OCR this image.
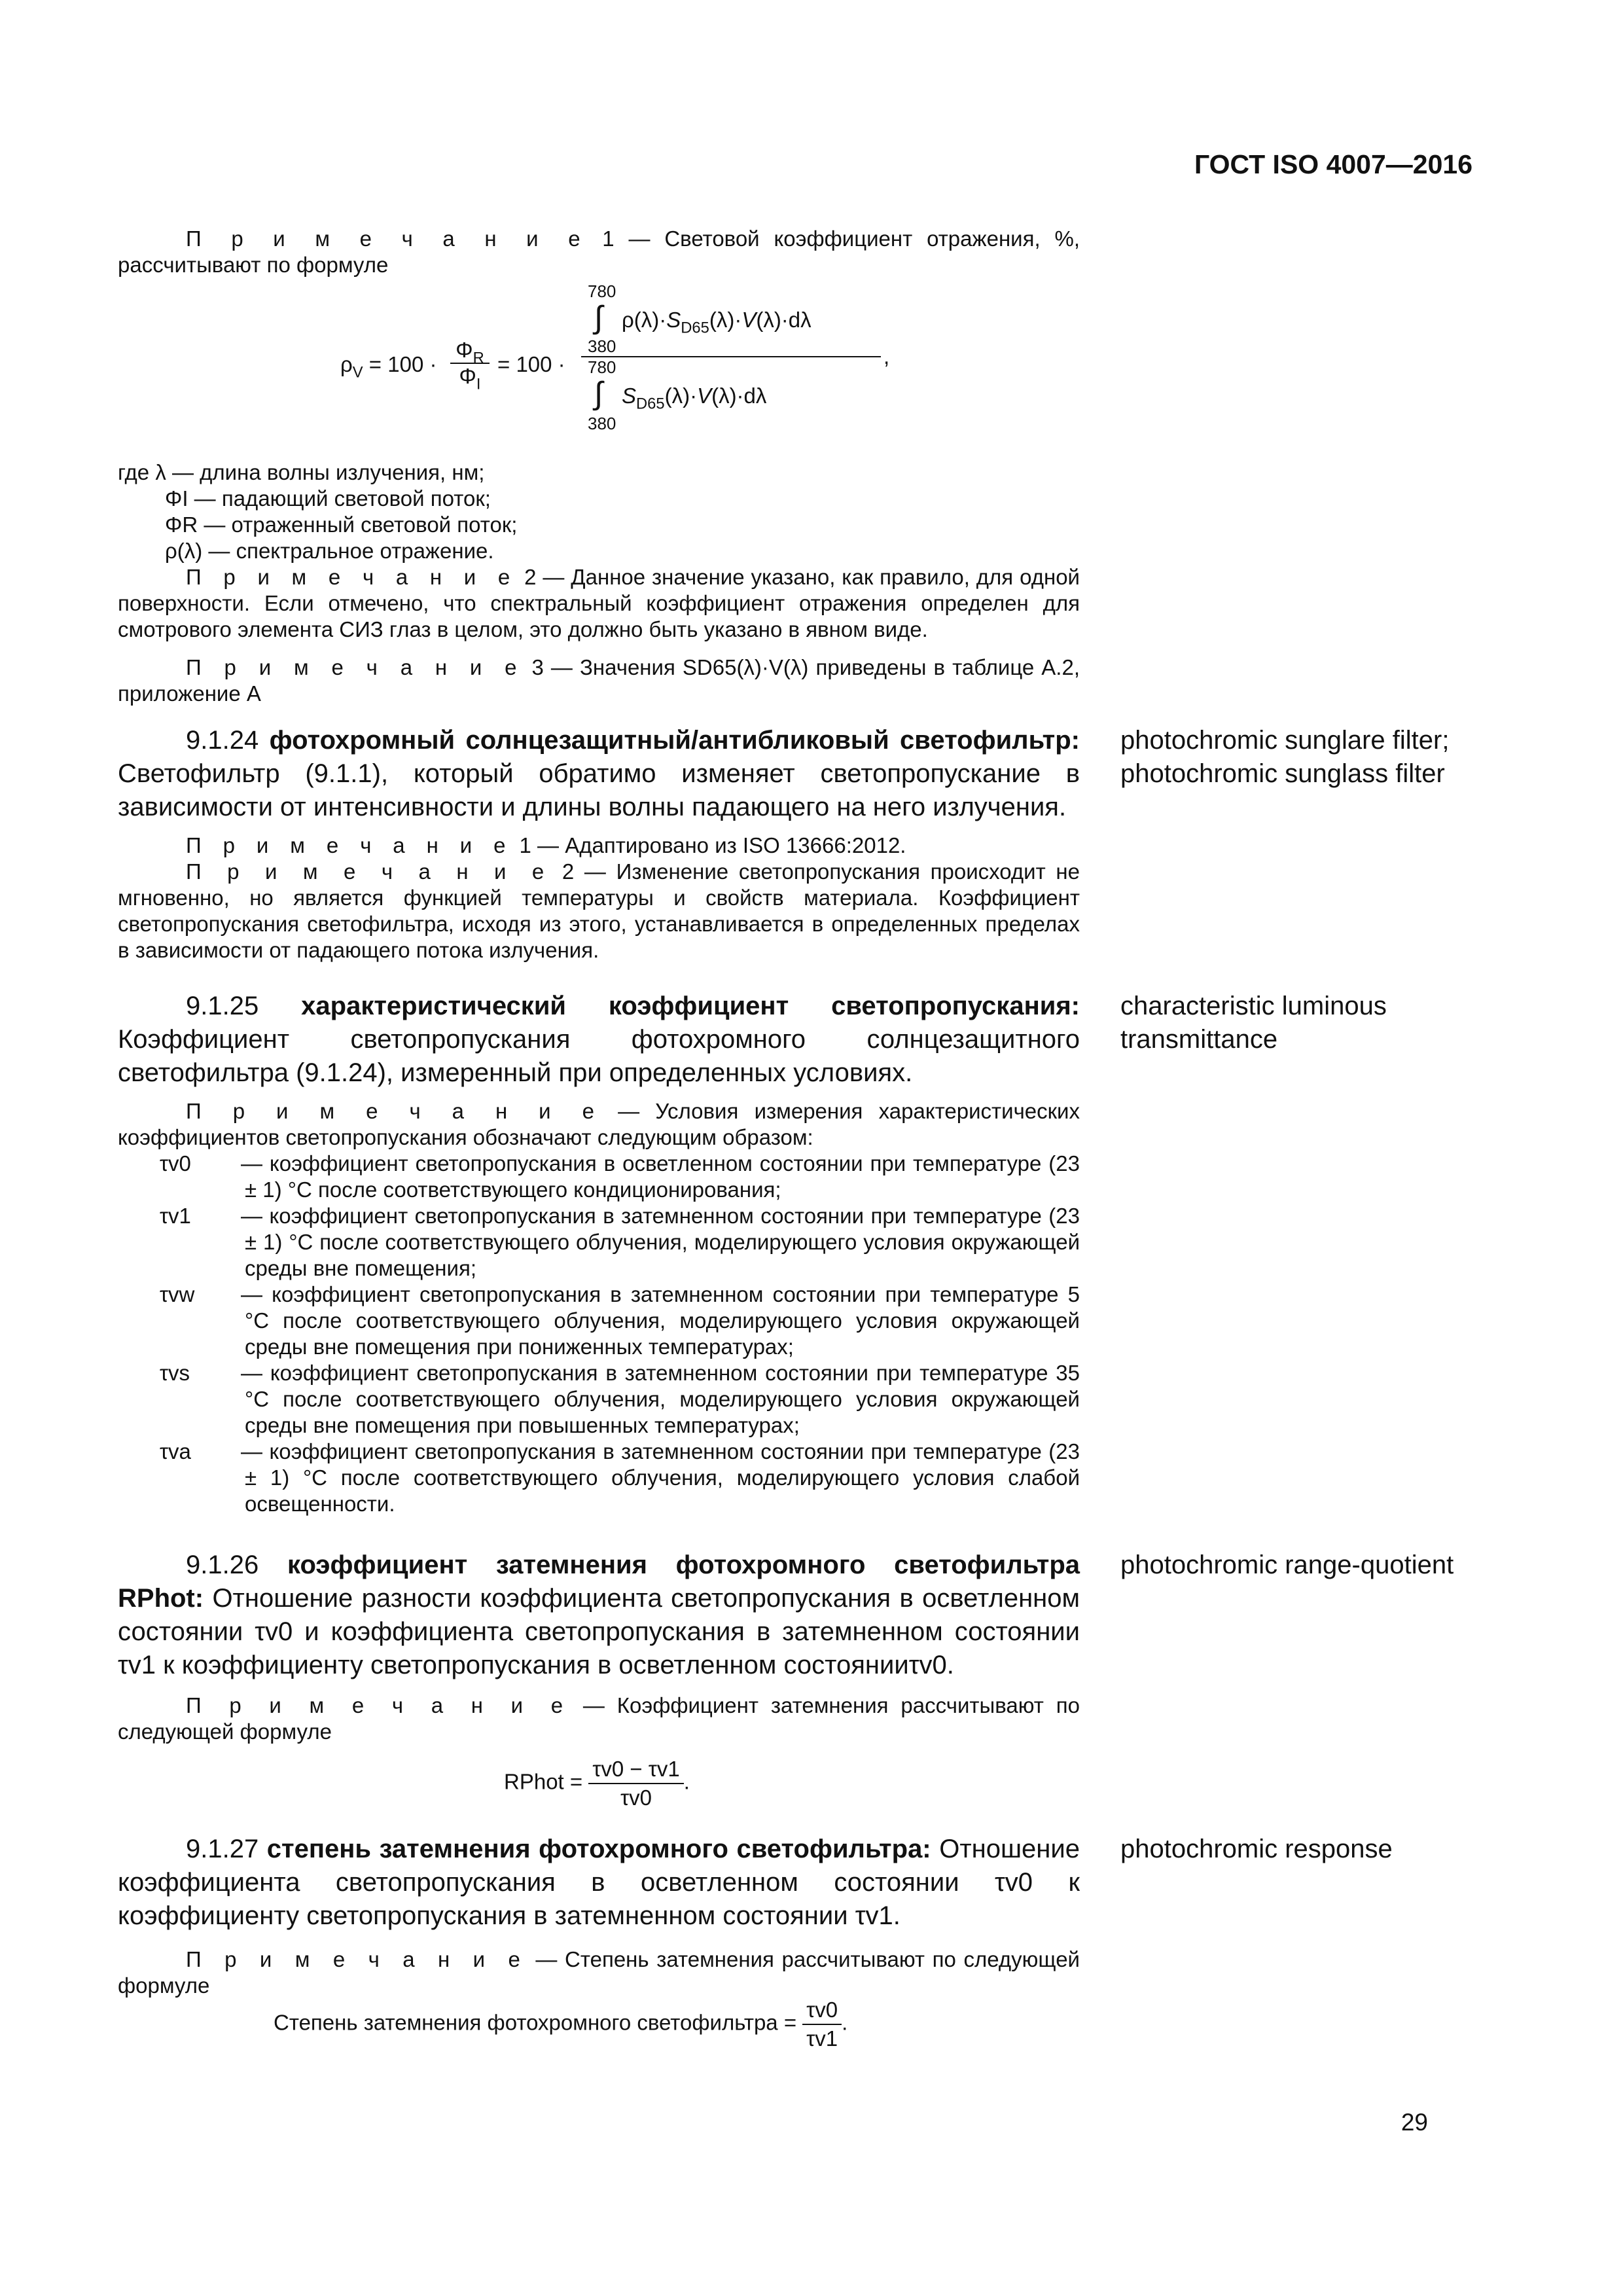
ГОСТ ISO 4007—2016
П р и м е ч а н и е 1 — Световой коэффициент отражения, %, рассчитывают по формуле
$\rho_V = 100$ ·
$\Phi_R$
$\Phi_I$
= 100 ·
780
∫ $\rho(\lambda)\cdot S_{D65}(\lambda)\cdot V(\lambda)\cdot d\lambda$
380
780
∫ $S_{D65}(\lambda)\cdot V(\lambda)\cdot d\lambda$
380
,
где λ — длина волны излучения, нм;
ΦI — падающий световой поток;
ΦR — отраженный световой поток;
ρ(λ) — спектральное отражение.
П р и м е ч а н и е 2 — Данное значение указано, как правило, для одной поверхности. Если отмечено, что спектральный коэффициент отражения определен для смотрового элемента СИЗ глаз в целом, это должно быть указано в явном виде.
П р и м е ч а н и е 3 — Значения SD65(λ)·V(λ) приведены в таблице А.2, приложение А
9.1.24 фотохромный солнцезащитный/антибликовый светофильтр: Светофильтр (9.1.1), который обратимо изменяет светопропускание в зависимости от интенсивности и длины волны падающего на него излучения.
photochromic sunglare filter;
photochromic sunglass filter
П р и м е ч а н и е 1 — Адаптировано из ISO 13666:2012.
П р и м е ч а н и е 2 — Изменение светопропускания происходит не мгновенно, но является функцией температуры и свойств материала. Коэффициент светопропускания светофильтра, исходя из этого, устанавливается в определенных пределах в зависимости от падающего потока излучения.
9.1.25 характеристический коэффициент светопропускания: Коэффициент светопропускания фотохромного солнцезащитного светофильтра (9.1.24), измеренный при определенных условиях.
characteristic luminous transmittance
П р и м е ч а н и е — Условия измерения характеристических коэффициентов светопропускания обозначают следующим образом:
τv0 — коэффициент светопропускания в осветленном состоянии при температуре (23 ± 1) °С после соответствующего кондиционирования;
τv1 — коэффициент светопропускания в затемненном состоянии при температуре (23 ± 1) °С после соответствующего облучения, моделирующего условия окружающей среды вне помещения;
τvw — коэффициент светопропускания в затемненном состоянии при температуре 5 °С после соответствующего облучения, моделирующего условия окружающей среды вне помещения при пониженных температурах;
τvs — коэффициент светопропускания в затемненном состоянии при температуре 35 °С после соответствующего облучения, моделирующего условия окружающей среды вне помещения при повышенных температурах;
τva — коэффициент светопропускания в затемненном состоянии при температуре (23 ± 1) °С после соответствующего облучения, моделирующего условия слабой освещенности.
9.1.26 коэффициент затемнения фотохромного светофильтра RPhot: Отношение разности коэффициента светопропускания в осветленном состоянии τv0 и коэффициента светопропускания в затемненном состоянии τv1 к коэффициенту светопропускания в осветленном состоянииτv0.
photochromic range-quotient
П р и м е ч а н и е — Коэффициент затемнения рассчитывают по следующей формуле
RPhot = $\frac{\tau v0 - \tau v1}{\tau v0}$ .
9.1.27 степень затемнения фотохромного светофильтра: Отношение коэффициента светопропускания в осветленном состоянии τv0 к коэффициенту светопропускания в затемненном состоянии τv1.
photochromic response
П р и м е ч а н и е — Степень затемнения рассчитывают по следующей формуле
Степень затемнения фотохромного светофильтра = $\frac{\tau v0}{\tau v1}$ .
29
